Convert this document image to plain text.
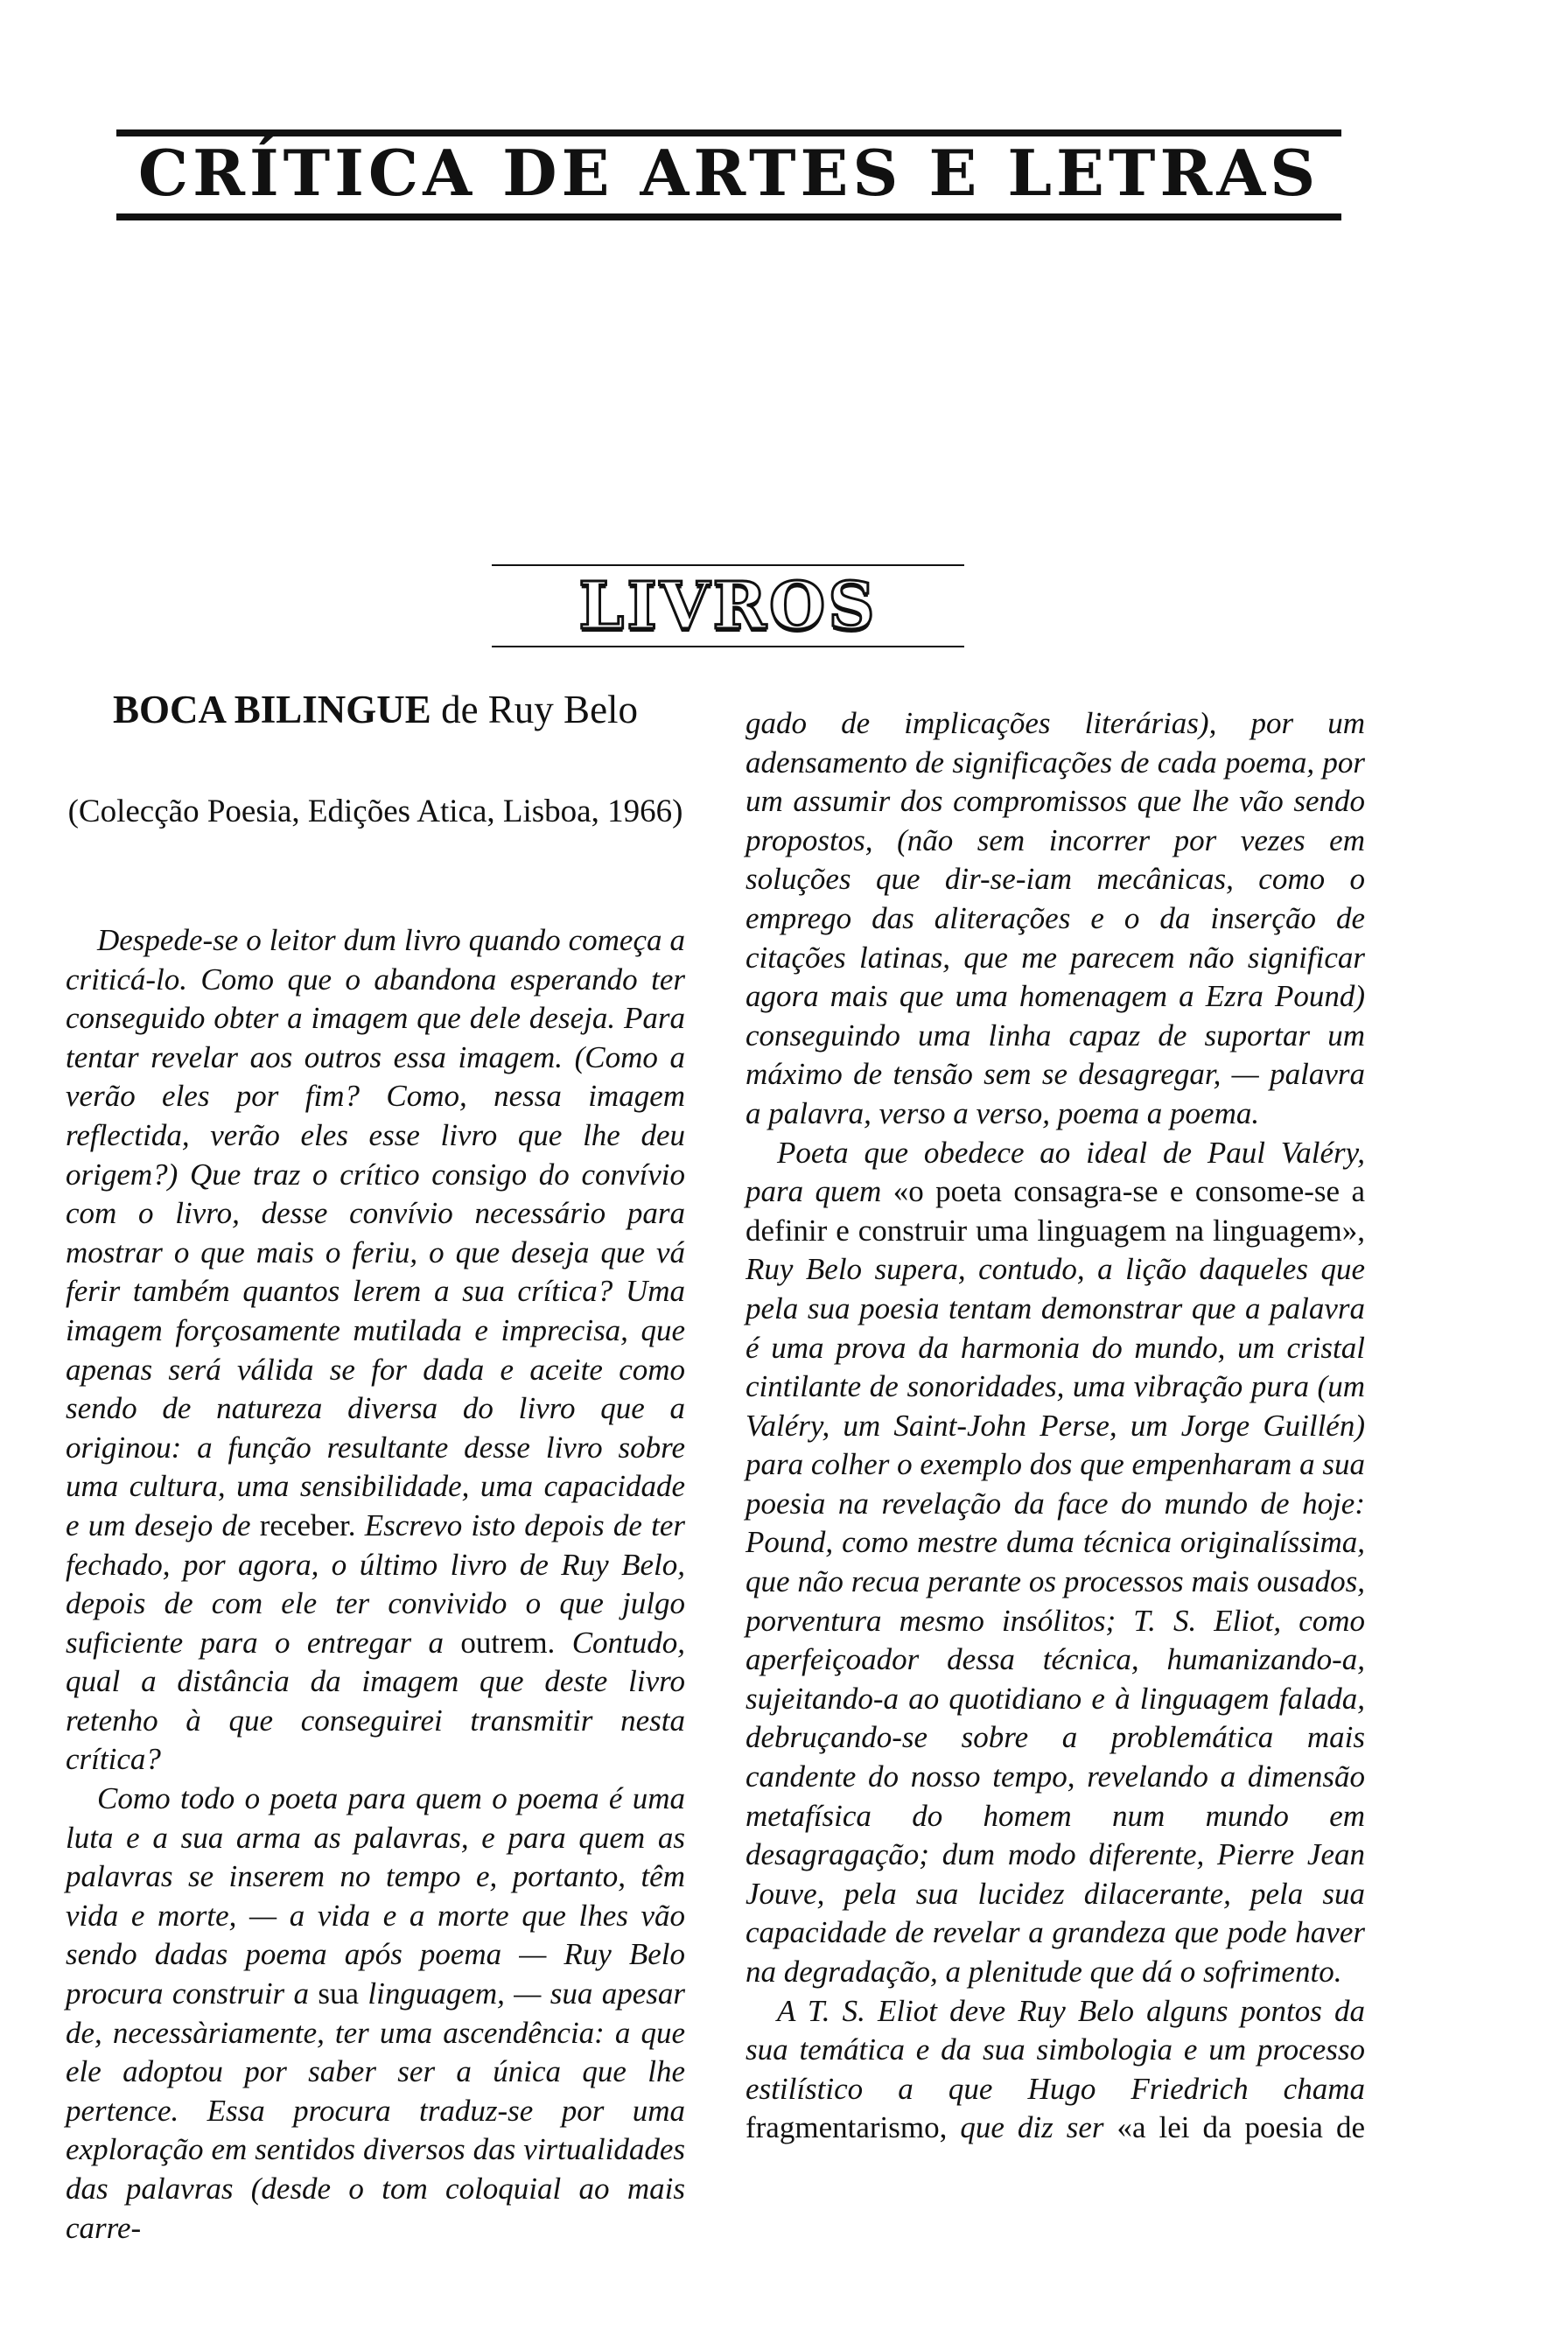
CRÍTICA DE ARTES E LETRAS
LIVROS
BOCA BILINGUE de Ruy Belo

(Colecção Poesia, Edições Atica, Lisboa, 1966)

Despede-se o leitor dum livro quando começa a criticá-lo. Como que o abandona esperando ter conseguido obter a imagem que dele deseja. Para tentar revelar aos outros essa imagem. (Como a verão eles por fim? Como, nessa imagem reflectida, verão eles esse livro que lhe deu origem?) Que traz o crítico consigo do convívio com o livro, desse convívio necessário para mostrar o que mais o feriu, o que deseja que vá ferir também quantos lerem a sua crítica? Uma imagem forçosamente mutilada e imprecisa, que apenas será válida se for dada e aceite como sendo de natureza diversa do livro que a originou: a função resultante desse livro sobre uma cultura, uma sensibilidade, uma capacidade e um desejo de receber. Escrevo isto depois de ter fechado, por agora, o último livro de Ruy Belo, depois de com ele ter convivido o que julgo suficiente para o entregar a outrem. Contudo, qual a distância da imagem que deste livro retenho à que conseguirei transmitir nesta crítica?

Como todo o poeta para quem o poema é uma luta e a sua arma as palavras, e para quem as palavras se inserem no tempo e, portanto, têm vida e morte, — a vida e a morte que lhes vão sendo dadas poema após poema — Ruy Belo procura construir a sua linguagem, — sua apesar de, necessàriamente, ter uma ascendência: a que ele adoptou por saber ser a única que lhe pertence. Essa procura traduz-se por uma exploração em sentidos diversos das virtualidades das palavras (desde o tom coloquial ao mais carre-

gado de implicações literárias), por um adensamento de significações de cada poema, por um assumir dos compromissos que lhe vão sendo propostos, (não sem incorrer por vezes em soluções que dir-se-iam mecânicas, como o emprego das aliterações e o da inserção de citações latinas, que me parecem não significar agora mais que uma homenagem a Ezra Pound) conseguindo uma linha capaz de suportar um máximo de tensão sem se desagregar, — palavra a palavra, verso a verso, poema a poema.

Poeta que obedece ao ideal de Paul Valéry, para quem «o poeta consagra-se e consome-se a definir e construir uma linguagem na linguagem», Ruy Belo supera, contudo, a lição daqueles que pela sua poesia tentam demonstrar que a palavra é uma prova da harmonia do mundo, um cristal cintilante de sonoridades, uma vibração pura (um Valéry, um Saint-John Perse, um Jorge Guillén) para colher o exemplo dos que empenharam a sua poesia na revelação da face do mundo de hoje: Pound, como mestre duma técnica originalíssima, que não recua perante os processos mais ousados, porventura mesmo insólitos; T. S. Eliot, como aperfeiçoador dessa técnica, humanizando-a, sujeitando-a ao quotidiano e à linguagem falada, debruçando-se sobre a problemática mais candente do nosso tempo, revelando a dimensão metafísica do homem num mundo em desagragação; dum modo diferente, Pierre Jean Jouve, pela sua lucidez dilacerante, pela sua capacidade de revelar a grandeza que pode haver na degradação, a plenitude que dá o sofrimento.

A T. S. Eliot deve Ruy Belo alguns pontos da sua temática e da sua simbologia e um processo estilístico a que Hugo Friedrich chama fragmentarismo, que diz ser «a lei da poesia de
